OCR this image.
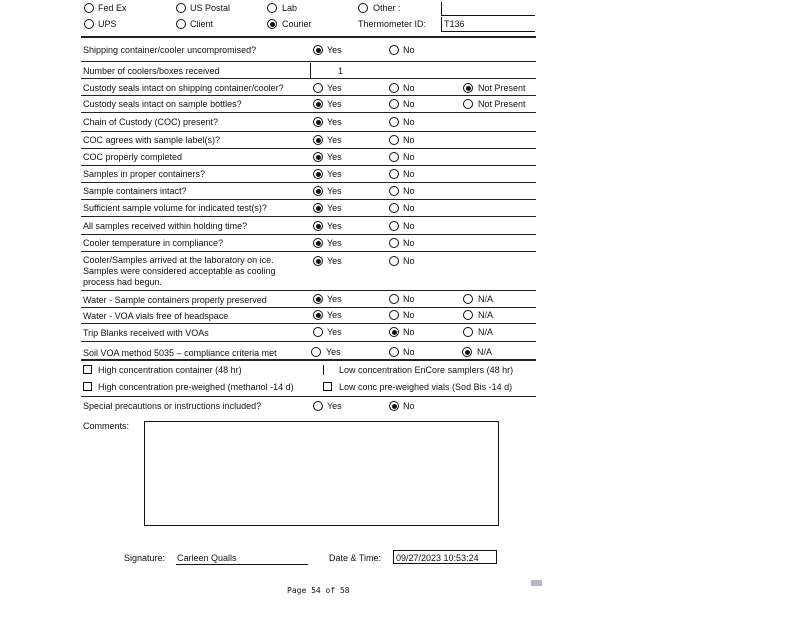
Fed Ex	US Postal	Lab	Other :
UPS	Client	Courier	Thermometer ID: T136
Shipping container/cooler uncompromised?	Yes	No
Number of coolers/boxes received	1
Custody seals intact on shipping container/cooler?	Yes	No	Not Present
Custody seals intact on sample bottles?	Yes	No	Not Present
Chain of Custody (COC) present?	Yes	No
COC agrees with sample label(s)?	Yes	No
COC properly completed	Yes	No
Samples in proper containers?	Yes	No
Sample containers intact?	Yes	No
Sufficient sample volume for indicated test(s)?	Yes	No
All samples received within holding time?	Yes	No
Cooler temperature in compliance?	Yes	No
Cooler/Samples arrived at the laboratory on ice.
Samples were considered acceptable as cooling
process had begun.
Yes	No
Water - Sample containers properly preserved	Yes	No	N/A
Water - VOA vials free of headspace	Yes	No	N/A
Trip Blanks received with VOAs	Yes	No	N/A
Soil VOA method 5035 – compliance criteria met	Yes	No	N/A
High concentration container (48 hr)	Low concentration EnCore samplers (48 hr)
High concentration pre-weighed (methanol -14 d)	Low conc pre-weighed vials (Sod Bis -14 d)
Special precautions or instructions included?	Yes	No
Comments:
Signature: Carleen Qualls	Date & Time: 09/27/2023 10:53:24
Page 54 of 58
